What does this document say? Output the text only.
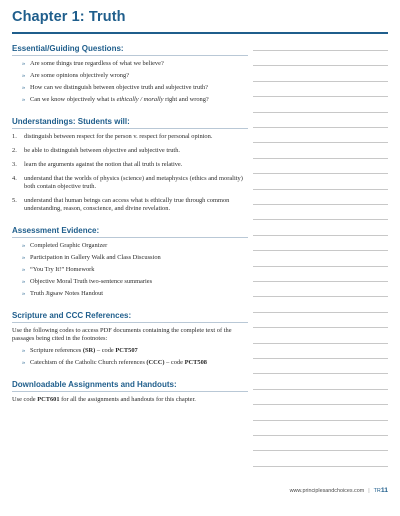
Chapter 1: Truth
Essential/Guiding Questions:
» Are some things true regardless of what we believe?
» Are some opinions objectively wrong?
» How can we distinguish between objective truth and subjective truth?
» Can we know objectively what is ethically / morally right and wrong?
Understandings: Students will:
1. distinguish between respect for the person v. respect for personal opinion.
2. be able to distinguish between objective and subjective truth.
3. learn the arguments against the notion that all truth is relative.
4. understand that the worlds of physics (science) and metaphysics (ethics and morality) both contain objective truth.
5. understand that human beings can access what is ethically true through common understanding, reason, conscience, and divine revelation.
Assessment Evidence:
» Completed Graphic Organizer
» Participation in Gallery Walk and Class Discussion
» “You Try It!” Homework
» Objective Moral Truth two-sentence summaries
» Truth Jigsaw Notes Handout
Scripture and CCC References:

Use the following codes to access PDF documents containing the complete text of the passages being cited in the footnotes:

» Scripture references (SR) – code PCT507
» Catechism of the Catholic Church references (CCC) – code PCT508
Downloadable Assignments and Handouts:

Use code PCT601 for all the assignments and handouts for this chapter.

www.principlesandchoices.com | TR11
